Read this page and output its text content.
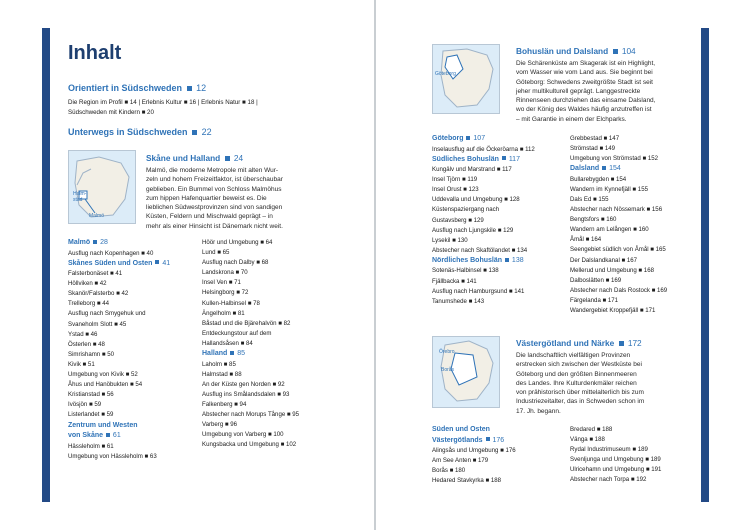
Inhalt
Orientiert in Südschweden 12
Die Region im Profil ■ 14 | Erlebnis Kultur ■ 16 | Erlebnis Natur ■ 18 |
Südschweden mit Kindern ■ 20
Unterwegs in Südschweden 22
Halm-
stad
Malmö
Skåne und Halland 24
Malmö, die moderne Metropole mit alten Wur-
zeln und hohem Freizeitfaktor, ist überschaubar
geblieben. Ein Bummel von Schloss Malmöhus
zum hippen Hafenquartier beweist es. Die
lieblichen Südwestprovinzen sind von sandigen
Küsten, Feldern und Mischwald geprägt – in
mehr als einer Hinsicht ist Dänemark nicht weit.
Malmö 28
Ausflug nach Kopenhagen ■ 40
Skånes Süden und Osten 41
Falsterbonäset ■ 41
Höllviken ■ 42
Skanör/Falsterbo ■ 42
Trelleborg ■ 44
Ausflug nach Smygehuk und
Svaneholm Slott ■ 45
Ystad ■ 46
Österlen ■ 48
Simrishamn ■ 50
Kivik ■ 51
Umgebung von Kivik ■ 52
Åhus und Hanöbukten ■ 54
Kristianstad ■ 56
Ivösjön ■ 59
Listerlandet ■ 59
Zentrum und Westen
von Skåne 61
Hässleholm ■ 61
Umgebung von Hässleholm ■ 63
Höör und Umgebung ■ 64
Lund ■ 65
Ausflug nach Dalby ■ 68
Landskrona ■ 70
Insel Ven ■ 71
Helsingborg ■ 72
Kullen-Halbinsel ■ 78
Ängelholm ■ 81
Båstad und die Bjärehalvön ■ 82
Entdeckungstour auf dem
Hallandsåsen ■ 84
Halland 85
Laholm ■ 85
Halmstad ■ 88
An der Küste gen Norden ■ 92
Ausflug ins Smålandsdalen ■ 93
Falkenberg ■ 94
Abstecher nach Morups Tånge ■ 95
Varberg ■ 96
Umgebung von Varberg ■ 100
Kungsbacka und Umgebung ■ 102
Göteborg
Bohuslän und Dalsland 104
Die Schärenküste am Skagerak ist ein Highlight,
vom Wasser wie vom Land aus. Sie beginnt bei
Göteborg: Schwedens zweitgrößte Stadt ist seit
jeher multikulturell geprägt. Langgestreckte
Rinnenseen durchziehen das einsame Dalsland,
wo der König des Waldes häufig anzutreffen ist
– mit Garantie in einem der Elchparks.
Göteborg 107
Inselausflug auf die Öckeröarna ■ 112
Südliches Bohuslän 117
Kungälv und Marstrand ■ 117
Insel Tjörn ■ 119
Insel Orust ■ 123
Uddevalla und Umgebung ■ 128
Küstenspaziergang nach
Gustavsberg ■ 129
Ausflug nach Ljungskile ■ 129
Lysekil ■ 130
Abstecher nach Skaftölandet ■ 134
Nördliches Bohuslän 138
Sotenäs-Halbinsel ■ 138
Fjällbacka ■ 141
Ausflug nach Hamburgsund ■ 141
Tanumshede ■ 143
Grebbestad ■ 147
Strömstad ■ 149
Umgebung von Strömstad ■ 152
Dalsland 154
Bullarebygden ■ 154
Wandern im Kynnefjäll ■ 155
Dals Ed ■ 155
Abstecher nach Nössemark ■ 156
Bengtsfors ■ 160
Wandern am Lelången ■ 160
Åmål ■ 164
Seengebiet südlich von Åmål ■ 165
Der Dalslandkanal ■ 167
Mellerud und Umgebung ■ 168
Dalboslätten ■ 169
Abstecher nach Dals Rostock ■ 169
Färgelanda ■ 171
Wandergebiet Kroppefjäll ■ 171
Örebro
Borås
Västergötland und Närke 172
Die landschaftlich vielfältigen Provinzen
erstrecken sich zwischen der Westküste bei
Göteborg und den größten Binnenmeeren
des Landes. Ihre Kulturdenkmäler reichen
von prähistorisch über mittelalterlich bis zum
Industriezeitalter, das in Schweden schon im
17. Jh. begann.
Süden und Osten
Västergötlands 176
Alingsås und Umgebung ■ 176
Am See Anten ■ 179
Borås ■ 180
Hedared Stavkyrka ■ 188
Bredared ■ 188
Vänga ■ 188
Rydal Industrimuseum ■ 189
Svenljunga und Umgebung ■ 189
Ulricehamn und Umgebung ■ 191
Abstecher nach Torpa ■ 192
